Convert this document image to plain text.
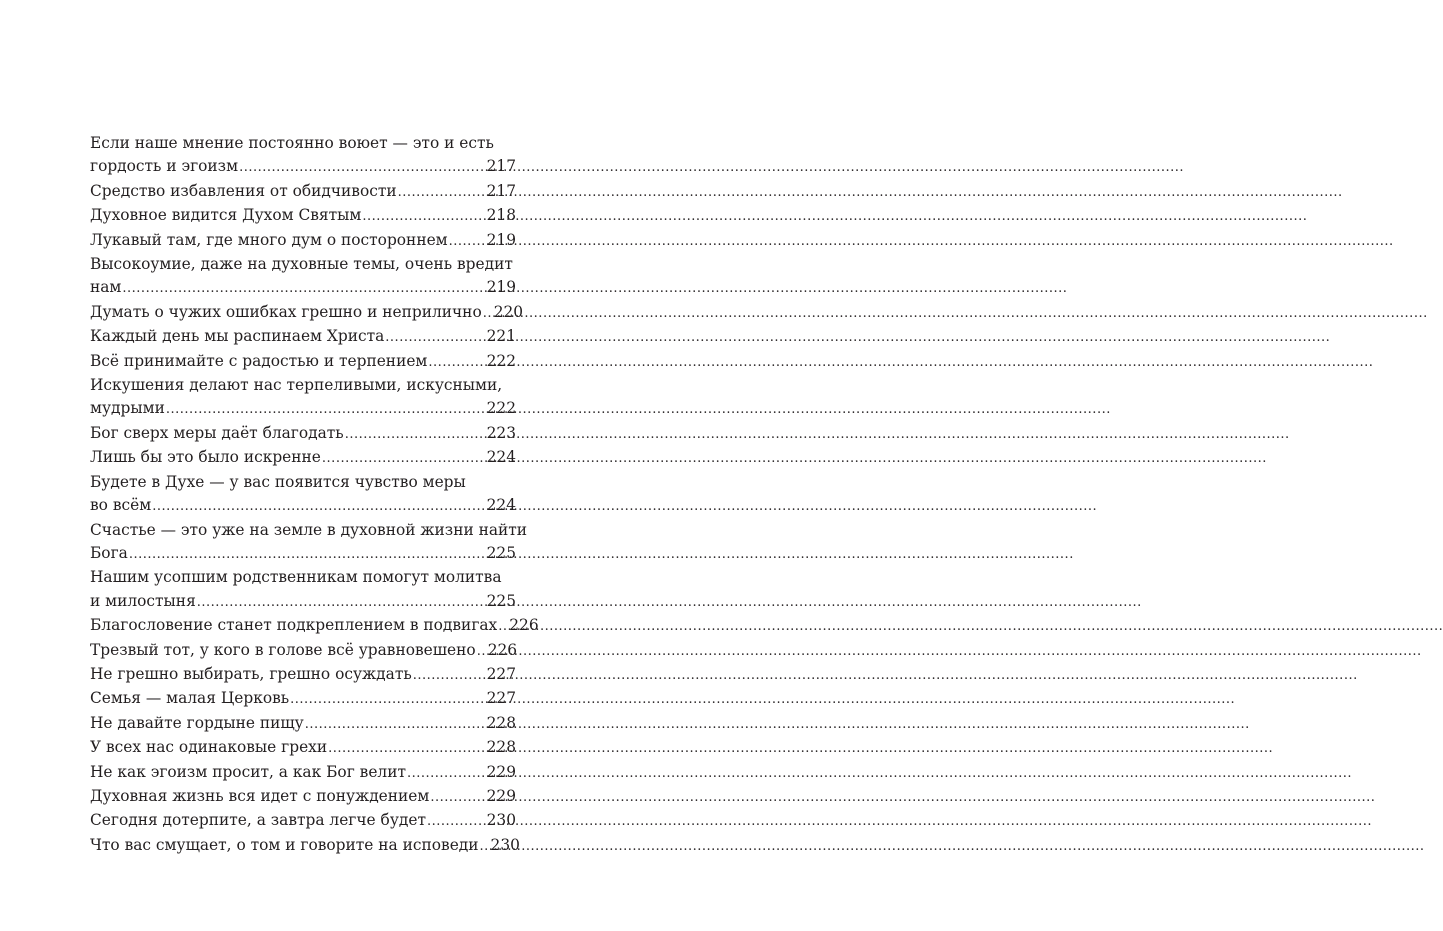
Если наше мнение постоянно воюет — это и есть
гордость и эгоизм .....	217
Средство избавления от обидчивости .....	217
Духовное видится Духом Святым .....	218
Лукавый там, где много дум о постороннем .....	219
Высокоумие, даже на духовные темы, очень вредит
нам .....	219
Думать о чужих ошибках грешно и неприлично ..... 220
Каждый день мы распинаем Христа .....	221
Всё принимайте с радостью и терпением .....	222
Искушения делают нас терпеливыми, искусными,
мудрыми .....	222
Бог сверх меры даёт благодать .....	223
Лишь бы это было искренне .....	224
Будете в Духе — у вас появится чувство меры
во всём .....	224
Счастье — это уже на земле в духовной жизни найти
Бога .....	225
Нашим усопшим родственникам помогут молитва
и милостыня .....	225
Благословение станет подкреплением в подвигах ..... 226
Трезвый тот, у кого в голове всё уравновешено ..... 226
Не грешно выбирать, грешно осуждать .....	227
Семья — малая Церковь .....	227
Не давайте гордыне пищу .....	228
У всех нас одинаковые грехи .....	228
Не как эгоизм просит, а как Бог велит .....	229
Духовная жизнь вся идет с понуждением .....	229
Сегодня дотерпите, а завтра легче будет .....	230
Что вас смущает, о том и говорите на исповеди ..... 230
